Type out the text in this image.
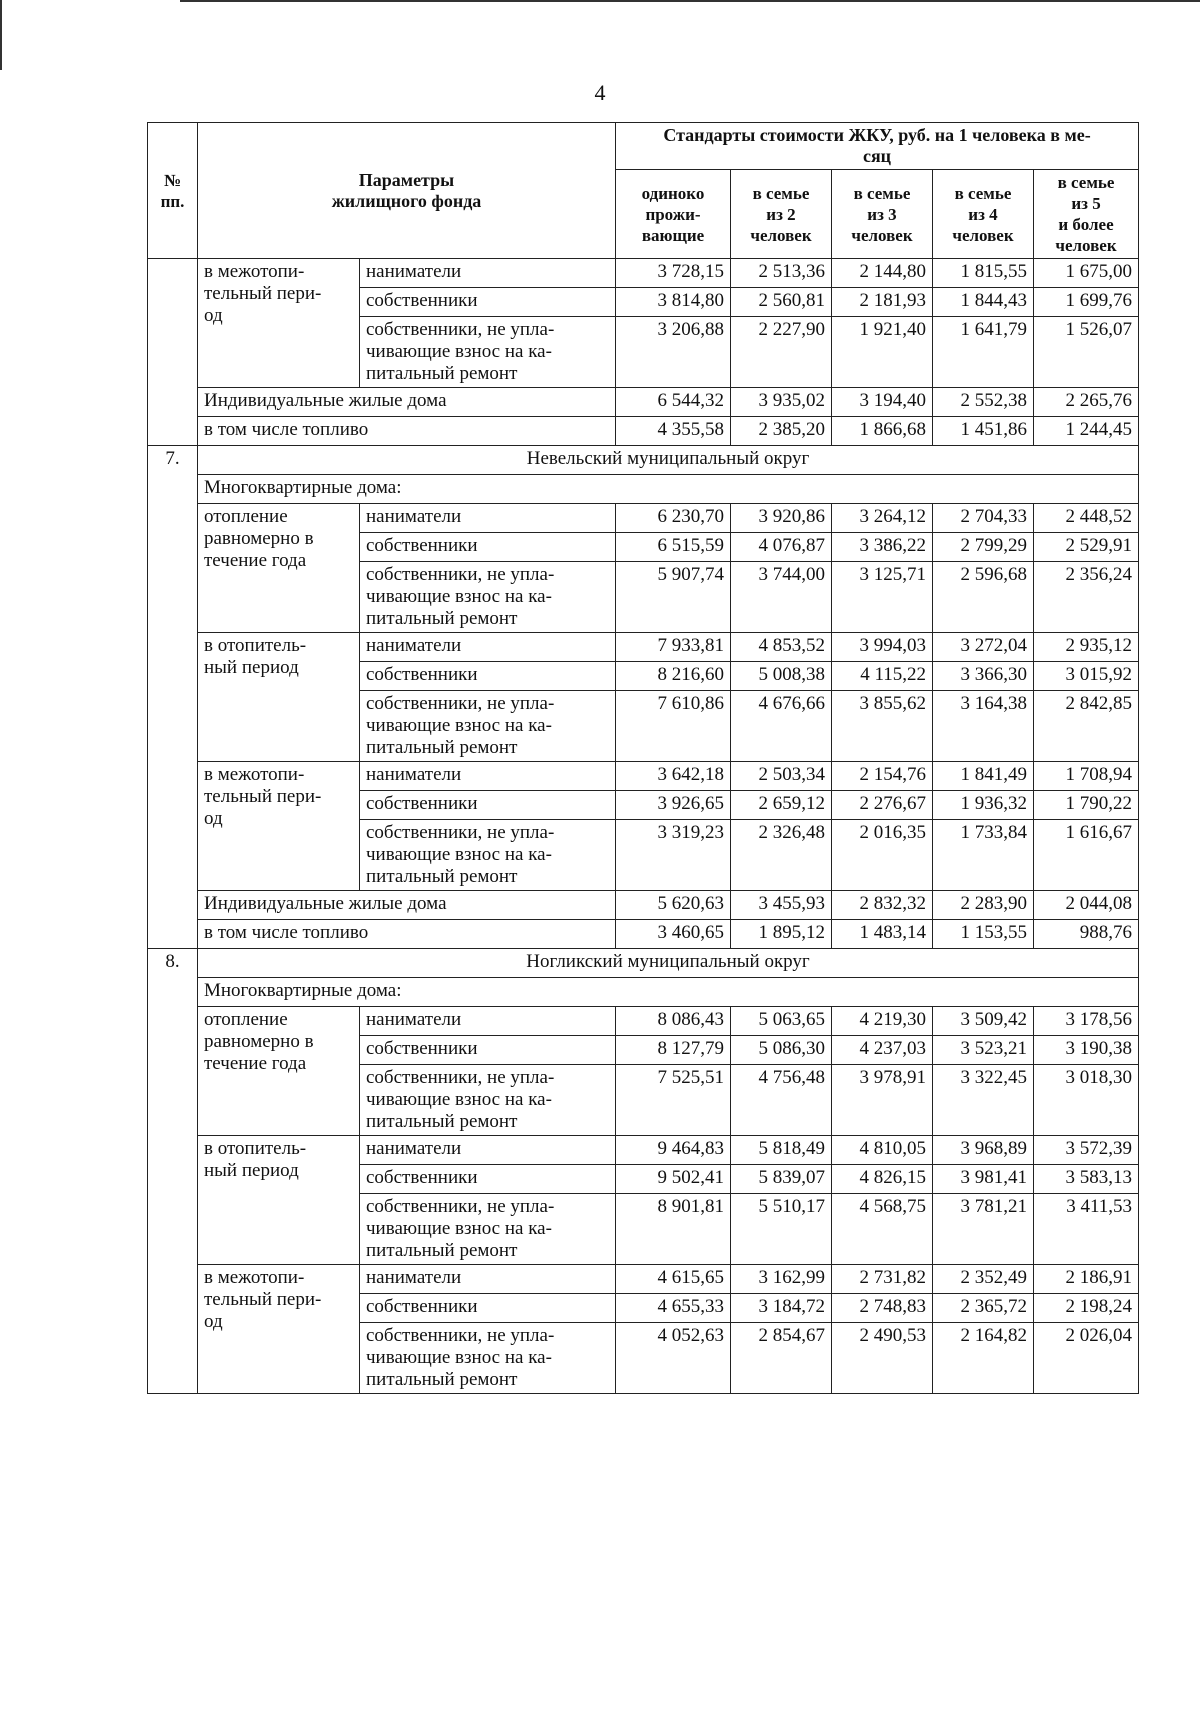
4
№
пп.	Параметры
жилищного фонда		Стандарты стоимости ЖКУ, руб. на 1 человека в ме-
сяц				
			одиноко
прожи-
вающие	в семье
из 2
человек	в семье
из 3
человек	в семье
из 4
человек	в семье
из 5
и более
человек
	в межотопи-
тельный пери-
од	наниматели	3 728,15	2 513,36	2 144,80	1 815,55	1 675,00
		собственники	3 814,80	2 560,81	2 181,93	1 844,43	1 699,76
		собственники, не упла-
чивающие взнос на ка-
питальный ремонт	3 206,88	2 227,90	1 921,40	1 641,79	1 526,07
	Индивидуальные жилые дома		6 544,32	3 935,02	3 194,40	2 552,38	2 265,76
	в том числе топливо		4 355,58	2 385,20	1 866,68	1 451,86	1 244,45
7.	Невельский муниципальный округ						
	Многоквартирные дома:						
	отопление
равномерно в
течение года	наниматели	6 230,70	3 920,86	3 264,12	2 704,33	2 448,52
		собственники	6 515,59	4 076,87	3 386,22	2 799,29	2 529,91
		собственники, не упла-
чивающие взнос на ка-
питальный ремонт	5 907,74	3 744,00	3 125,71	2 596,68	2 356,24
	в отопитель-
ный период	наниматели	7 933,81	4 853,52	3 994,03	3 272,04	2 935,12
		собственники	8 216,60	5 008,38	4 115,22	3 366,30	3 015,92
		собственники, не упла-
чивающие взнос на ка-
питальный ремонт	7 610,86	4 676,66	3 855,62	3 164,38	2 842,85
	в межотопи-
тельный пери-
од	наниматели	3 642,18	2 503,34	2 154,76	1 841,49	1 708,94
		собственники	3 926,65	2 659,12	2 276,67	1 936,32	1 790,22
		собственники, не упла-
чивающие взнос на ка-
питальный ремонт	3 319,23	2 326,48	2 016,35	1 733,84	1 616,67
	Индивидуальные жилые дома		5 620,63	3 455,93	2 832,32	2 283,90	2 044,08
	в том числе топливо		3 460,65	1 895,12	1 483,14	1 153,55	988,76
8.	Ногликский муниципальный округ						
	Многоквартирные дома:						
	отопление
равномерно в
течение года	наниматели	8 086,43	5 063,65	4 219,30	3 509,42	3 178,56
		собственники	8 127,79	5 086,30	4 237,03	3 523,21	3 190,38
		собственники, не упла-
чивающие взнос на ка-
питальный ремонт	7 525,51	4 756,48	3 978,91	3 322,45	3 018,30
	в отопитель-
ный период	наниматели	9 464,83	5 818,49	4 810,05	3 968,89	3 572,39
		собственники	9 502,41	5 839,07	4 826,15	3 981,41	3 583,13
		собственники, не упла-
чивающие взнос на ка-
питальный ремонт	8 901,81	5 510,17	4 568,75	3 781,21	3 411,53
	в межотопи-
тельный пери-
од	наниматели	4 615,65	3 162,99	2 731,82	2 352,49	2 186,91
		собственники	4 655,33	3 184,72	2 748,83	2 365,72	2 198,24
		собственники, не упла-
чивающие взнос на ка-
питальный ремонт	4 052,63	2 854,67	2 490,53	2 164,82	2 026,04
